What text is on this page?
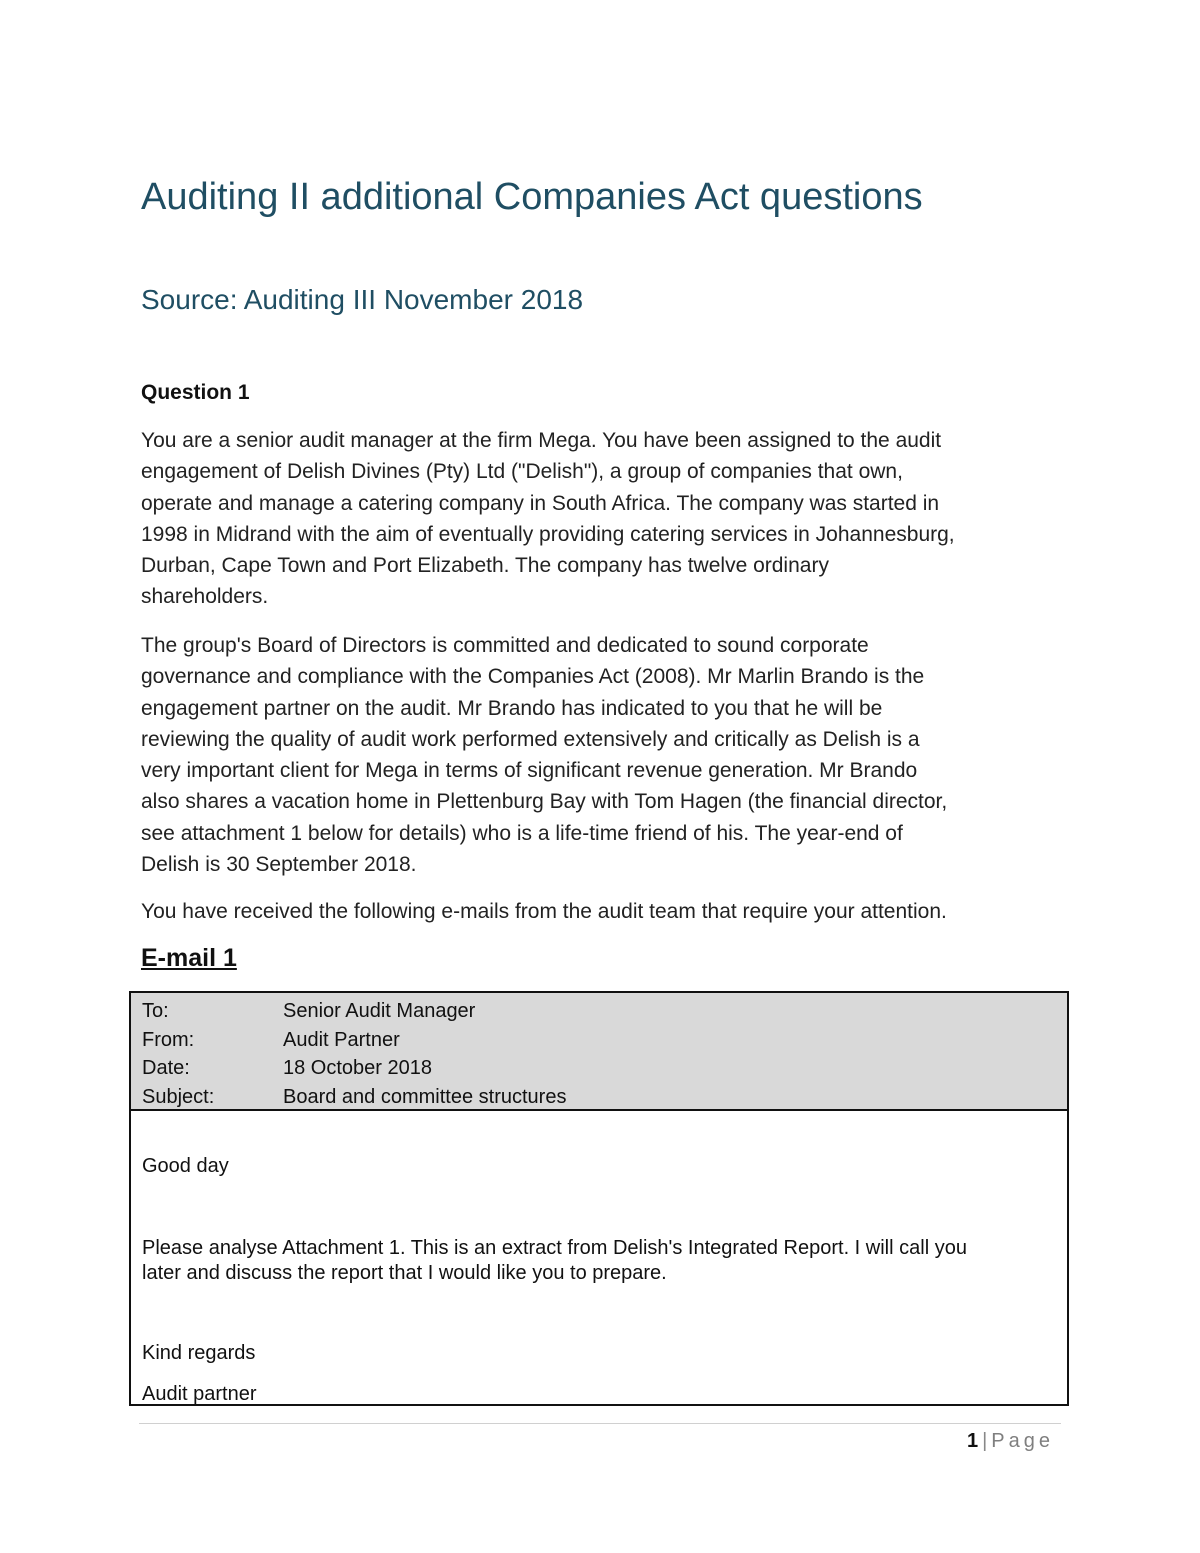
Auditing II additional Companies Act questions
Source: Auditing III November 2018
Question 1
You are a senior audit manager at the firm Mega. You have been assigned to the audit
engagement of Delish Divines (Pty) Ltd ("Delish"), a group of companies that own,
operate and manage a catering company in South Africa. The company was started in
1998 in Midrand with the aim of eventually providing catering services in Johannesburg,
Durban, Cape Town and Port Elizabeth. The company has twelve ordinary
shareholders.
The group's Board of Directors is committed and dedicated to sound corporate
governance and compliance with the Companies Act (2008). Mr Marlin Brando is the
engagement partner on the audit. Mr Brando has indicated to you that he will be
reviewing the quality of audit work performed extensively and critically as Delish is a
very important client for Mega in terms of significant revenue generation. Mr Brando
also shares a vacation home in Plettenburg Bay with Tom Hagen (the financial director,
see attachment 1 below for details) who is a life-time friend of his. The year-end of
Delish is 30 September 2018.
You have received the following e-mails from the audit team that require your attention.
E-mail 1
To:	Senior Audit Manager
From:	Audit Partner
Date:	18 October 2018
Subject:	Board and committee structures
Good day
Please analyse Attachment 1. This is an extract from Delish's Integrated Report. I will call you
later and discuss the report that I would like you to prepare.
Kind regards
Audit partner
1 | Page
